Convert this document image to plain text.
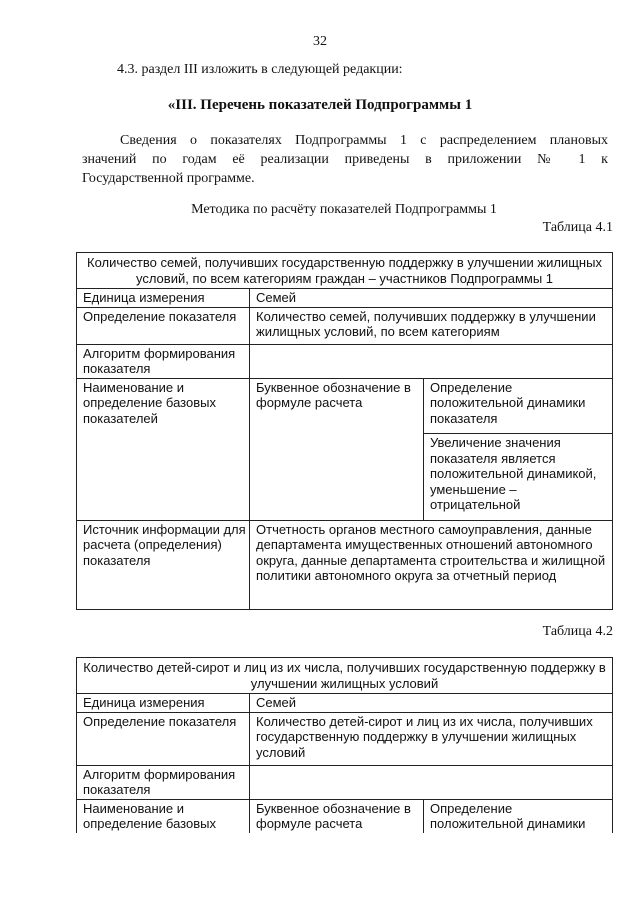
32
4.3. раздел III изложить в следующей редакции:
«III. Перечень показателей Подпрограммы 1
Сведения о показателях Подпрограммы 1 с распределением плановых
значений по годам её реализации приведены в приложении № 1 к
Государственной программе.
Методика по расчёту показателей Подпрограммы 1
Таблица 4.1
Количество семей, получивших государственную поддержку в улучшении жилищных условий, по всем категориям граждан – участников Подпрограммы 1		
Единица измерения	Семей	
Определение показателя	Количество семей, получивших поддержку в улучшении жилищных условий, по всем категориям	
Алгоритм формирования показателя		
Наименование и определение базовых показателей	Буквенное обозначение в формуле расчета	Определение положительной динамики показателя
		Увеличение значения показателя является положительной динамикой, уменьшение – отрицательной
Источник информации для расчета (определения) показателя	Отчетность органов местного самоуправления, данные департамента имущественных отношений автономного округа, данные департамента строительства и жилищной политики автономного округа за отчетный период	
Таблица 4.2
Количество детей-сирот и лиц из их числа, получивших государственную поддержку в улучшении жилищных условий		
Единица измерения	Семей	
Определение показателя	Количество детей-сирот и лиц из их числа, получивших государственную поддержку в улучшении жилищных условий	
Алгоритм формирования показателя		
Наименование и определение базовых	Буквенное обозначение в формуле расчета	Определение положительной динамики
